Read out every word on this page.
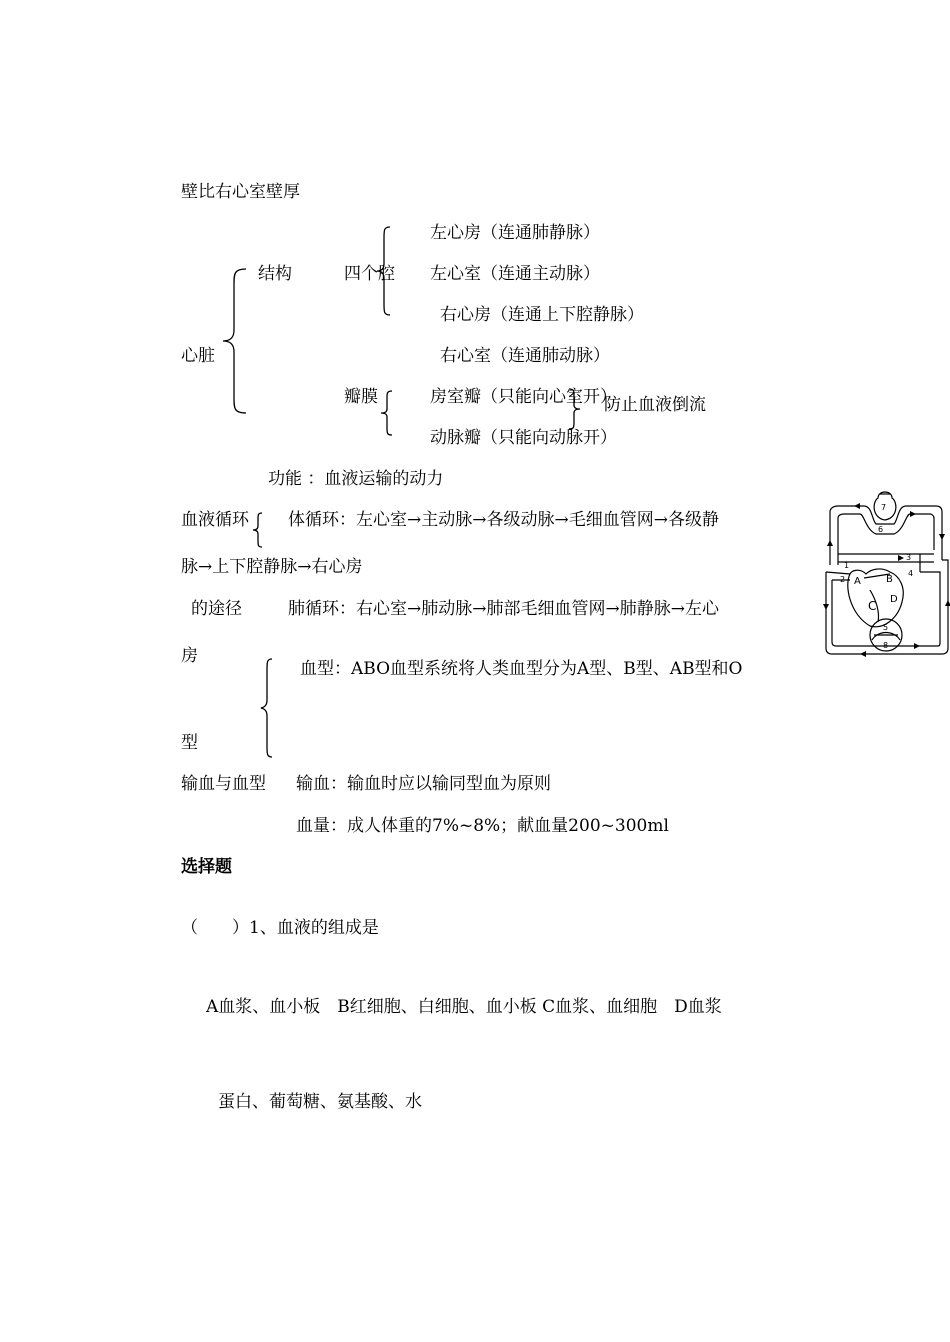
壁比右心室壁厚
心脏
结构	四个腔
左心房（连通肺静脉）
左心室（连通主动脉）
右心房（连通上下腔静脉）
右心室（连通肺动脉）
瓣膜	房室瓣（只能向心室开）
动脉瓣（只能向动脉开）
防止血液倒流
功能 ：血液运输的动力
血液循环 体循环：左心室→主动脉→各级动脉→毛细血管网→各级静
脉→上下腔静脉→右心房
的途径	肺循环：右心室→肺动脉→肺部毛细血管网→肺静脉→左心
房
7
6
1
2
3
4
A	B
C D
5
8
血型：ABO血型系统将人类血型分为A型、B型、AB型和O
型
输血与血型 输血：输血时应以输同型血为原则
血量：成人体重的7%~8%；献血量200~300ml
选择题
（　　）1、血液的组成是
A血浆、血小板　B红细胞、白细胞、血小板 C血浆、血细胞　D血浆
蛋白、葡萄糖、氨基酸、水
